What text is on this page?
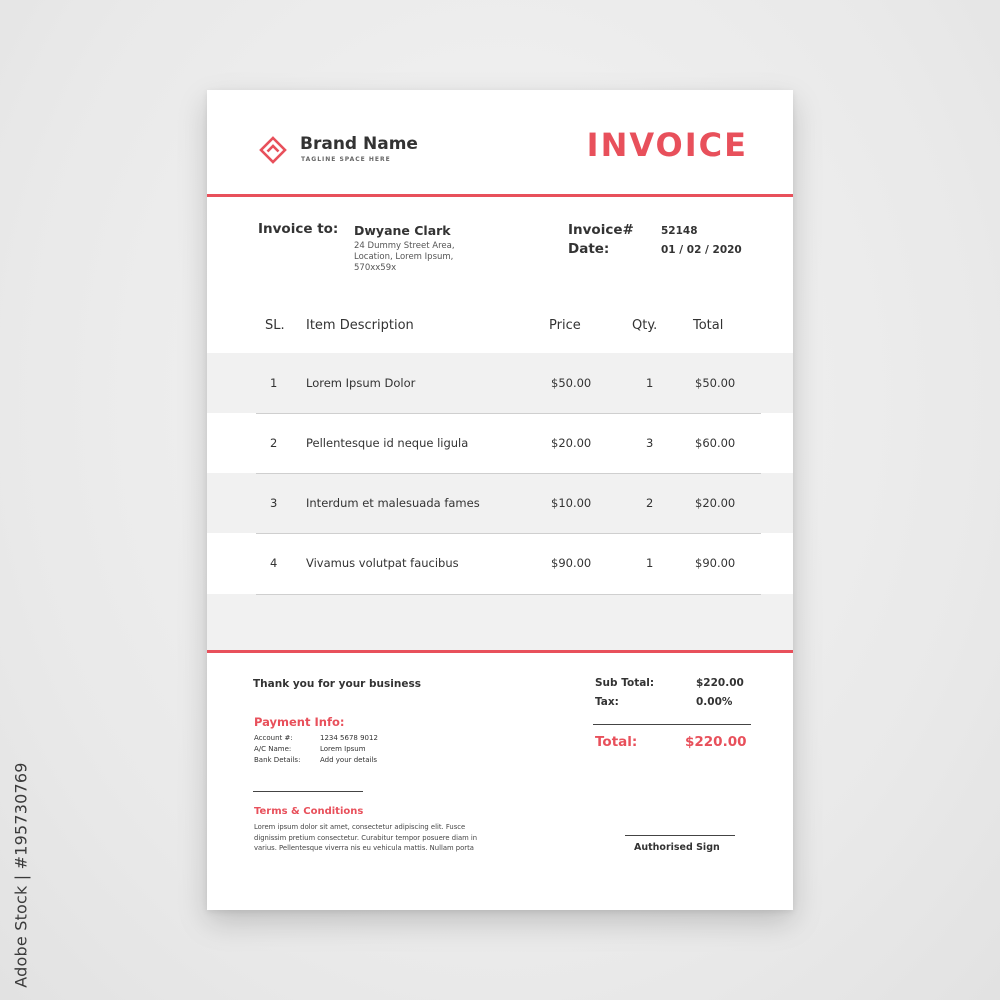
Adobe Stock | #195730769
Brand Name
TAGLINE SPACE HERE	INVOICE
Invoice to: Dwyane Clark
24 Dummy Street Area,
Location, Lorem Ipsum,
570xx59x
Invoice#	52148
Date:	01 / 02 / 2020
SL. Item Description	Price	Qty.	Total
1 Lorem Ipsum Dolor	$50.00	1	$50.00
2 Pellentesque id neque ligula	$20.00	3	$60.00
3 Interdum et malesuada fames	$10.00	2	$20.00
4 Vivamus volutpat faucibus	$90.00	1	$90.00
Thank you for your business
Payment Info:
Account #:	1234 5678 9012
A/C Name:	Lorem Ipsum
Bank Details:	Add your details
Terms & Conditions
Lorem ipsum dolor sit amet, consectetur adipiscing elit. Fusce
dignissim pretium consectetur. Curabitur tempor posuere diam in
varius. Pellentesque viverra nis eu vehicula mattis. Nullam porta
Sub Total:	$220.00
Tax:	0.00%
Total:	$220.00
Authorised Sign
